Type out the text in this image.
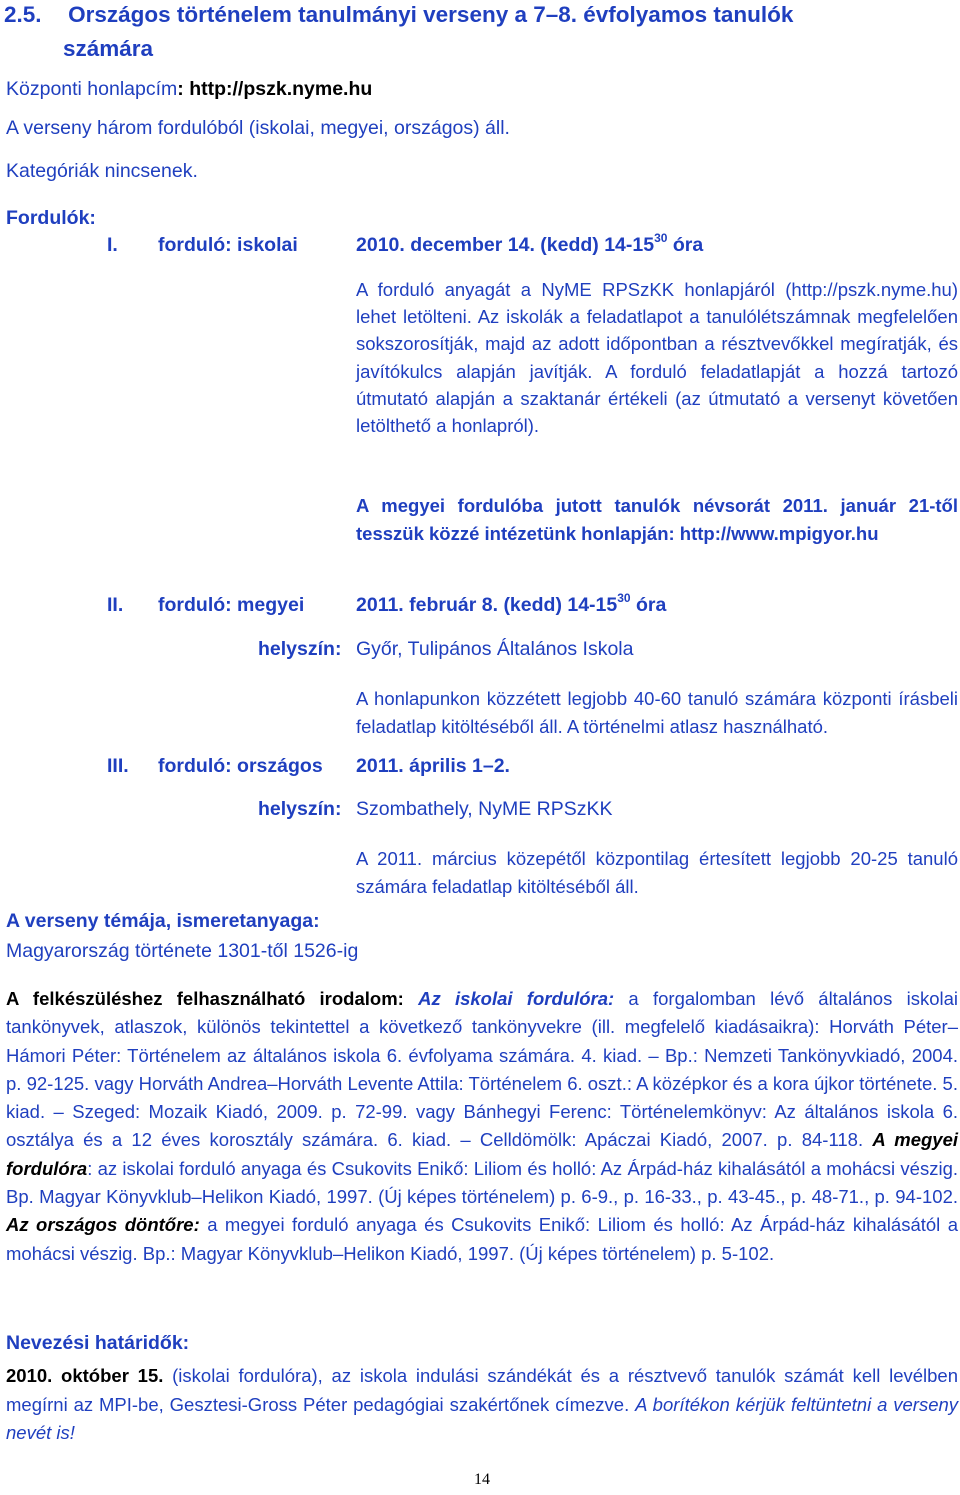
2.5. Országos történelem tanulmányi verseny a 7–8. évfolyamos tanulók
számára
Központi honlapcím: http://pszk.nyme.hu
A verseny három fordulóból (iskolai, megyei, országos) áll.
Kategóriák nincsenek.
Fordulók:
I. forduló: iskolai	2010. december 14. (kedd) $14-15^{30}$ óra
A forduló anyagát a NyME RPSzKK honlapjáról (http://pszk.nyme.hu) lehet letölteni. Az iskolák a feladatlapot a tanulólétszámnak megfelelően sokszorosítják, majd az adott időpontban a résztvevőkkel megíratják, és javítókulcs alapján javítják. A forduló feladatlapját a hozzá tartozó útmutató alapján a szaktanár értékeli (az útmutató a versenyt követően letölthető a honlapról).
A megyei fordulóba jutott tanulók névsorát 2011. január 21-től tesszük közzé intézetünk honlapján: http://www.mpigyor.hu
II. forduló: megyei	2011. február 8. (kedd) $14-15^{30}$ óra
helyszín: Győr, Tulipános Általános Iskola
A honlapunkon közzétett legjobb 40-60 tanuló számára központi írásbeli feladatlap kitöltéséből áll. A történelmi atlasz használható.
III. forduló: országos 2011. április 1–2.
helyszín: Szombathely, NyME RPSzKK
A 2011. március közepétől központilag értesített legjobb 20-25 tanuló számára feladatlap kitöltéséből áll.
A verseny témája, ismeretanyaga:
Magyarország története 1301-től 1526-ig
A felkészüléshez felhasználható irodalom: Az iskolai fordulóra: a forgalomban lévő általános iskolai tankönyvek, atlaszok, különös tekintettel a következő tankönyvekre (ill. megfelelő kiadásaikra): Horváth Péter–Hámori Péter: Történelem az általános iskola 6. évfolyama számára. 4. kiad. – Bp.: Nemzeti Tankönyvkiadó, 2004. p. 92-125. vagy Horváth Andrea–Horváth Levente Attila: Történelem 6. oszt.: A középkor és a kora újkor története. 5. kiad. – Szeged: Mozaik Kiadó, 2009. p. 72-99. vagy Bánhegyi Ferenc: Történelemkönyv: Az általános iskola 6. osztálya és a 12 éves korosztály számára. 6. kiad. – Celldömölk: Apáczai Kiadó, 2007. p. 84-118. A megyei fordulóra: az iskolai forduló anyaga és Csukovits Enikő: Liliom és holló: Az Árpád-ház kihalásától a mohácsi vészig. Bp. Magyar Könyvklub–Helikon Kiadó, 1997. (Új képes történelem) p. 6-9., p. 16-33., p. 43-45., p. 48-71., p. 94-102. Az országos döntőre: a megyei forduló anyaga és Csukovits Enikő: Liliom és holló: Az Árpád-ház kihalásától a mohácsi vészig. Bp.: Magyar Könyvklub–Helikon Kiadó, 1997. (Új képes történelem) p. 5-102.
Nevezési határidők:
2010. október 15. (iskolai fordulóra), az iskola indulási szándékát és a résztvevő tanulók számát kell levélben megírni az MPI-be, Gesztesi-Gross Péter pedagógiai szakértőnek címezve. A borítékon kérjük feltüntetni a verseny nevét is!
14
